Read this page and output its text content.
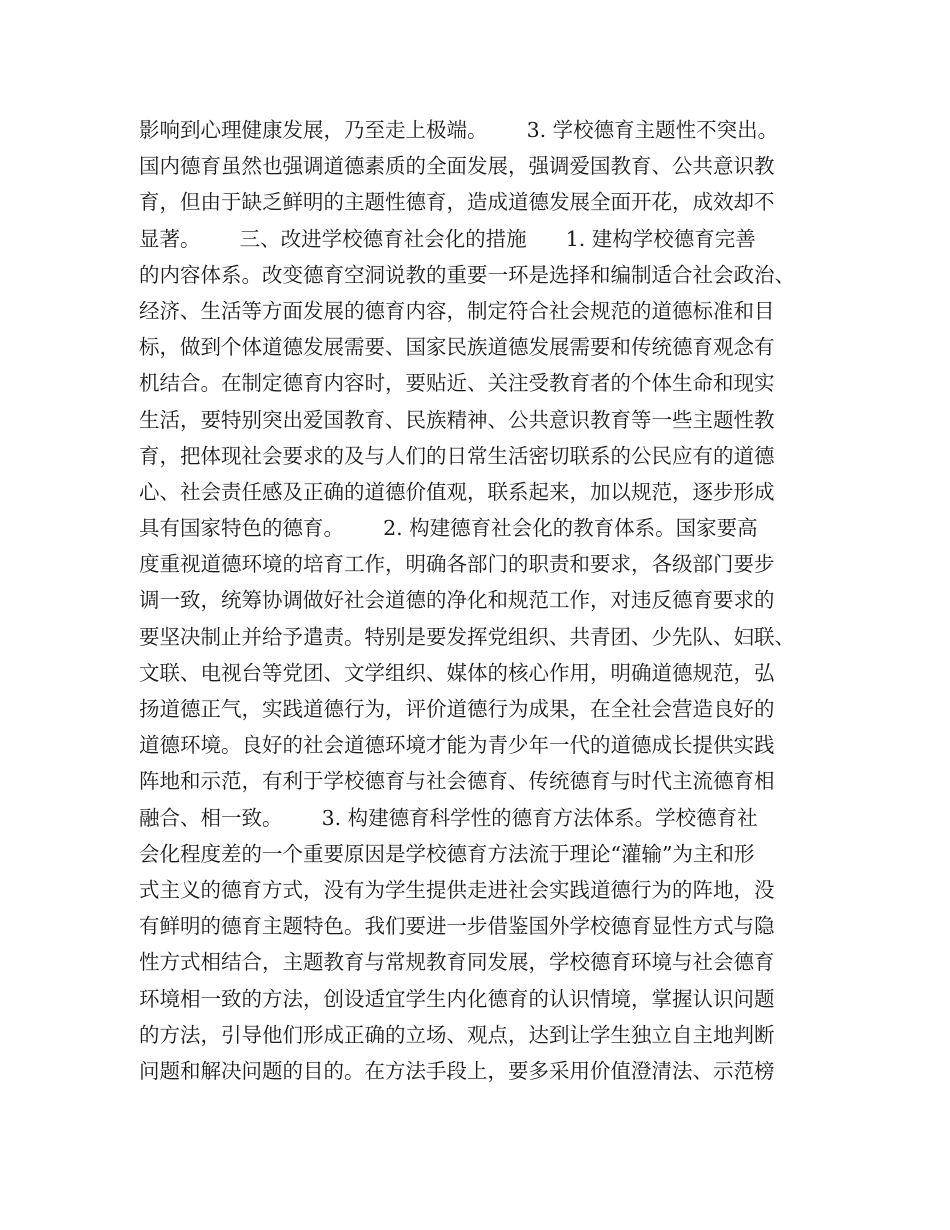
影响到心理健康发展，乃至走上极端。      3. 学校德育主题性不突出。
国内德育虽然也强调道德素质的全面发展，强调爱国教育、公共意识教
育，但由于缺乏鲜明的主题性德育，造成道德发展全面开花，成效却不
显著。      三、改进学校德育社会化的措施      1. 建构学校德育完善
的内容体系。改变德育空洞说教的重要一环是选择和编制适合社会政治、
经济、生活等方面发展的德育内容，制定符合社会规范的道德标准和目
标，做到个体道德发展需要、国家民族道德发展需要和传统德育观念有
机结合。在制定德育内容时，要贴近、关注受教育者的个体生命和现实
生活，要特别突出爱国教育、民族精神、公共意识教育等一些主题性教
育，把体现社会要求的及与人们的日常生活密切联系的公民应有的道德
心、社会责任感及正确的道德价值观，联系起来，加以规范，逐步形成
具有国家特色的德育。      2. 构建德育社会化的教育体系。国家要高
度重视道德环境的培育工作，明确各部门的职责和要求，各级部门要步
调一致，统筹协调做好社会道德的净化和规范工作，对违反德育要求的
要坚决制止并给予遣责。特别是要发挥党组织、共青团、少先队、妇联、
文联、电视台等党团、文学组织、媒体的核心作用，明确道德规范，弘
扬道德正气，实践道德行为，评价道德行为成果，在全社会营造良好的
道德环境。良好的社会道德环境才能为青少年一代的道德成长提供实践
阵地和示范，有利于学校德育与社会德育、传统德育与时代主流德育相
融合、相一致。      3. 构建德育科学性的德育方法体系。学校德育社
会化程度差的一个重要原因是学校德育方法流于理论“灌输”为主和形
式主义的德育方式，没有为学生提供走进社会实践道德行为的阵地，没
有鲜明的德育主题特色。我们要进一步借鉴国外学校德育显性方式与隐
性方式相结合，主题教育与常规教育同发展，学校德育环境与社会德育
环境相一致的方法，创设适宜学生内化德育的认识情境，掌握认识问题
的方法，引导他们形成正确的立场、观点，达到让学生独立自主地判断
问题和解决问题的目的。在方法手段上，要多采用价值澄清法、示范榜
